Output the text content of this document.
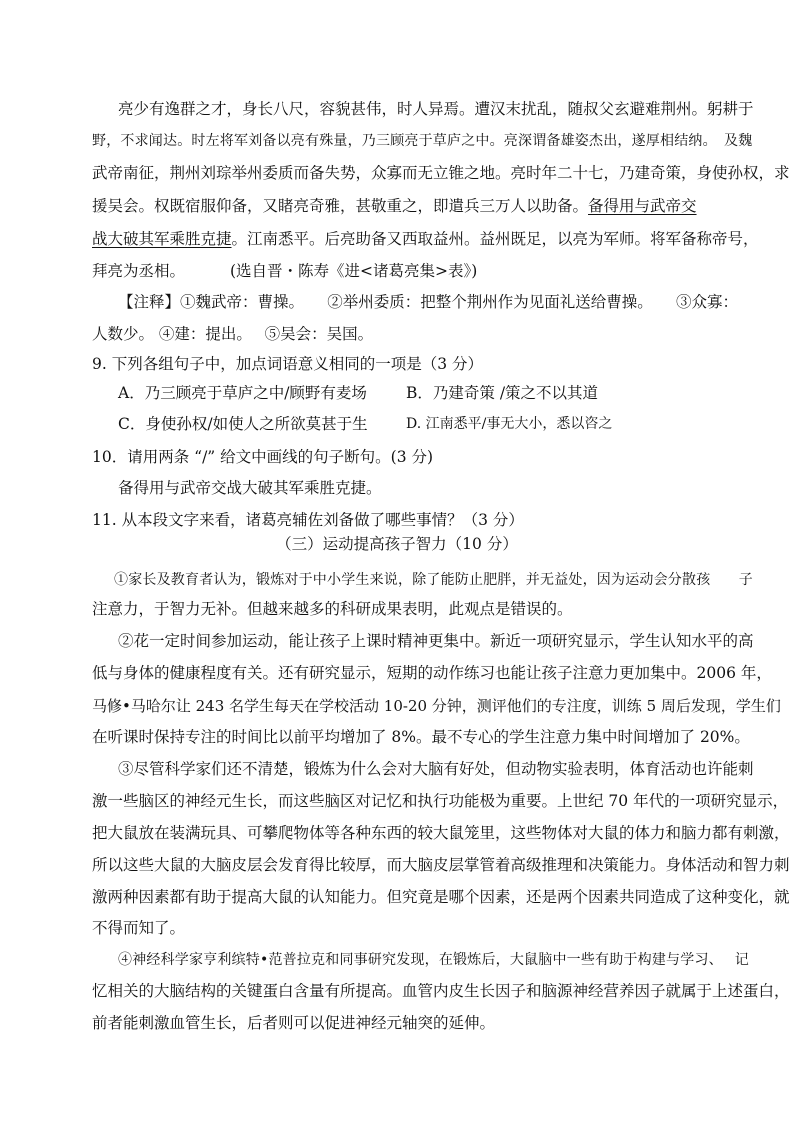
亮少有逸群之才，身长八尺，容貌甚伟，时人异焉。遭汉末扰乱，随叔父玄避难荆州。躬耕于
野，不求闻达。时左将军刘备以亮有殊量，乃三顾亮于草庐之中。亮深谓备雄姿杰出，遂厚相结纳。　及魏
武帝南征，荆州刘琮举州委质而备失势，众寡而无立锥之地。亮时年二十七，乃建奇策，身使孙权，求
援吴会。权既宿服仰备，又睹亮奇雅，甚敬重之，即遣兵三万人以助备。备得用与武帝交
战大破其军乘胜克捷。江南悉平。后亮助备又西取益州。益州既足，以亮为军师。将军备称帝号，
拜亮为丞相。	(选自晋・陈寿《进<诸葛亮集>表》)
【注释】①魏武帝：曹操。　　②举州委质：把整个荆州作为见面礼送给曹操。　　③众寡：
人数少。 ④建：提出。　 ⑤吴会：吴国。
9. 下列各组句子中，加点词语意义相同的一项是（3 分）
A．乃三顾亮于草庐之中/顾野有麦场	B．乃建奇策 /策之不以其道
C．身使孙权/如使人之所欲莫甚于生	D. 江南悉平/事无大小，悉以咨之
10．请用两条 “/” 给文中画线的句子断句。(3 分)
备得用与武帝交战大破其军乘胜克捷。
11. 从本段文字来看，诸葛亮辅佐刘备做了哪些事情？（3 分）
（三）运动提高孩子智力（10 分）
①家长及教育者认为，锻炼对于中小学生来说，除了能防止肥胖，并无益处，因为运动会分散孩　　子
注意力，于智力无补。但越来越多的科研成果表明，此观点是错误的。
②花一定时间参加运动，能让孩子上课时精神更集中。新近一项研究显示，学生认知水平的高
低与身体的健康程度有关。还有研究显示，短期的动作练习也能让孩子注意力更加集中。2006 年，
马修•马哈尔让 243 名学生每天在学校活动 10-20 分钟，测评他们的专注度，训练 5 周后发现，学生们
在听课时保持专注的时间比以前平均增加了 8%。最不专心的学生注意力集中时间增加了 20%。
③尽管科学家们还不清楚，锻炼为什么会对大脑有好处，但动物实验表明，体育活动也许能刺
激一些脑区的神经元生长，而这些脑区对记忆和执行功能极为重要。上世纪 70 年代的一项研究显示，
把大鼠放在装满玩具、可攀爬物体等各种东西的较大鼠笼里，这些物体对大鼠的体力和脑力都有刺激，
所以这些大鼠的大脑皮层会发育得比较厚，而大脑皮层掌管着高级推理和决策能力。身体活动和智力刺
激两种因素都有助于提高大鼠的认知能力。但究竟是哪个因素，还是两个因素共同造成了这种变化，就
不得而知了。
④神经科学家亨利缤特•范普拉克和同事研究发现，在锻炼后，大鼠脑中一些有助于构建与学习、　 记
忆相关的大脑结构的关键蛋白含量有所提高。血管内皮生长因子和脑源神经营养因子就属于上述蛋白，
前者能刺激血管生长，后者则可以促进神经元轴突的延伸。
